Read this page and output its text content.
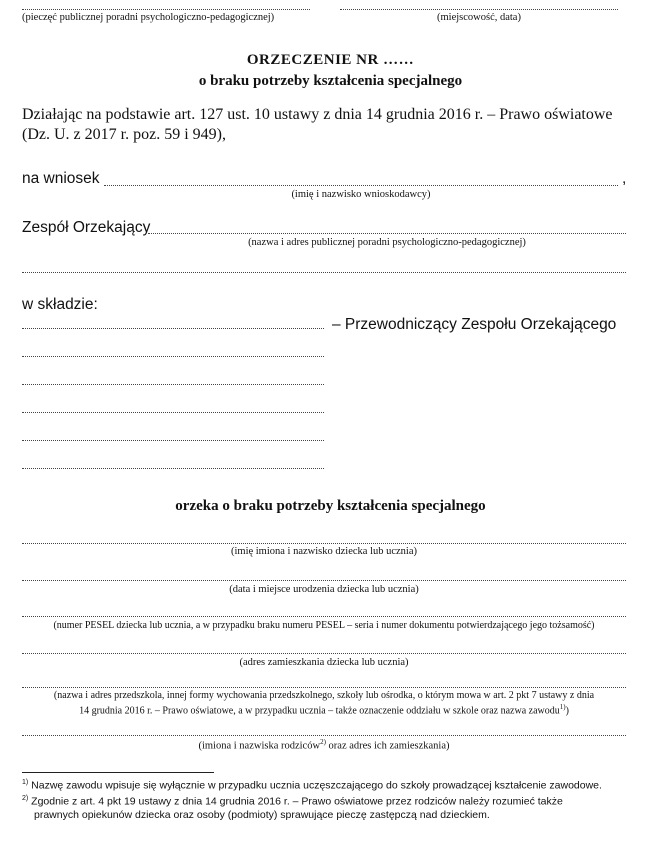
(pieczęć publicznej poradni psychologiczno-pedagogicznej)	(miejscowość, data)
ORZECZENIE NR ……
o braku potrzeby kształcenia specjalnego
Działając na podstawie art. 127 ust. 10 ustawy z dnia 14 grudnia 2016 r. – Prawo oświatowe
(Dz. U. z 2017 r. poz. 59 i 949),
na wniosek	,
(imię i nazwisko wnioskodawcy)
Zespół Orzekający
(nazwa i adres publicznej poradni psychologiczno-pedagogicznej)
w składzie:
– Przewodniczący Zespołu Orzekającego
orzeka o braku potrzeby kształcenia specjalnego
(imię imiona i nazwisko dziecka lub ucznia)
(data i miejsce urodzenia dziecka lub ucznia)
(numer PESEL dziecka lub ucznia, a w przypadku braku numeru PESEL – seria i numer dokumentu potwierdzającego jego tożsamość)
(adres zamieszkania dziecka lub ucznia)
(nazwa i adres przedszkola, innej formy wychowania przedszkolnego, szkoły lub ośrodka, o którym mowa w art. 2 pkt 7 ustawy z dnia
14 grudnia 2016 r. – Prawo oświatowe, a w przypadku ucznia – także oznaczenie oddziału w szkole oraz nazwa zawodu$^{1)}$)
(imiona i nazwiska rodziców$^{2)}$ oraz adres ich zamieszkania)
$^{1)}$ Nazwę zawodu wpisuje się wyłącznie w przypadku ucznia uczęszczającego do szkoły prowadzącej kształcenie zawodowe.
$^{2)}$ Zgodnie z art. 4 pkt 19 ustawy z dnia 14 grudnia 2016 r. – Prawo oświatowe przez rodziców należy rozumieć także
prawnych opiekunów dziecka oraz osoby (podmioty) sprawujące pieczę zastępczą nad dzieckiem.
